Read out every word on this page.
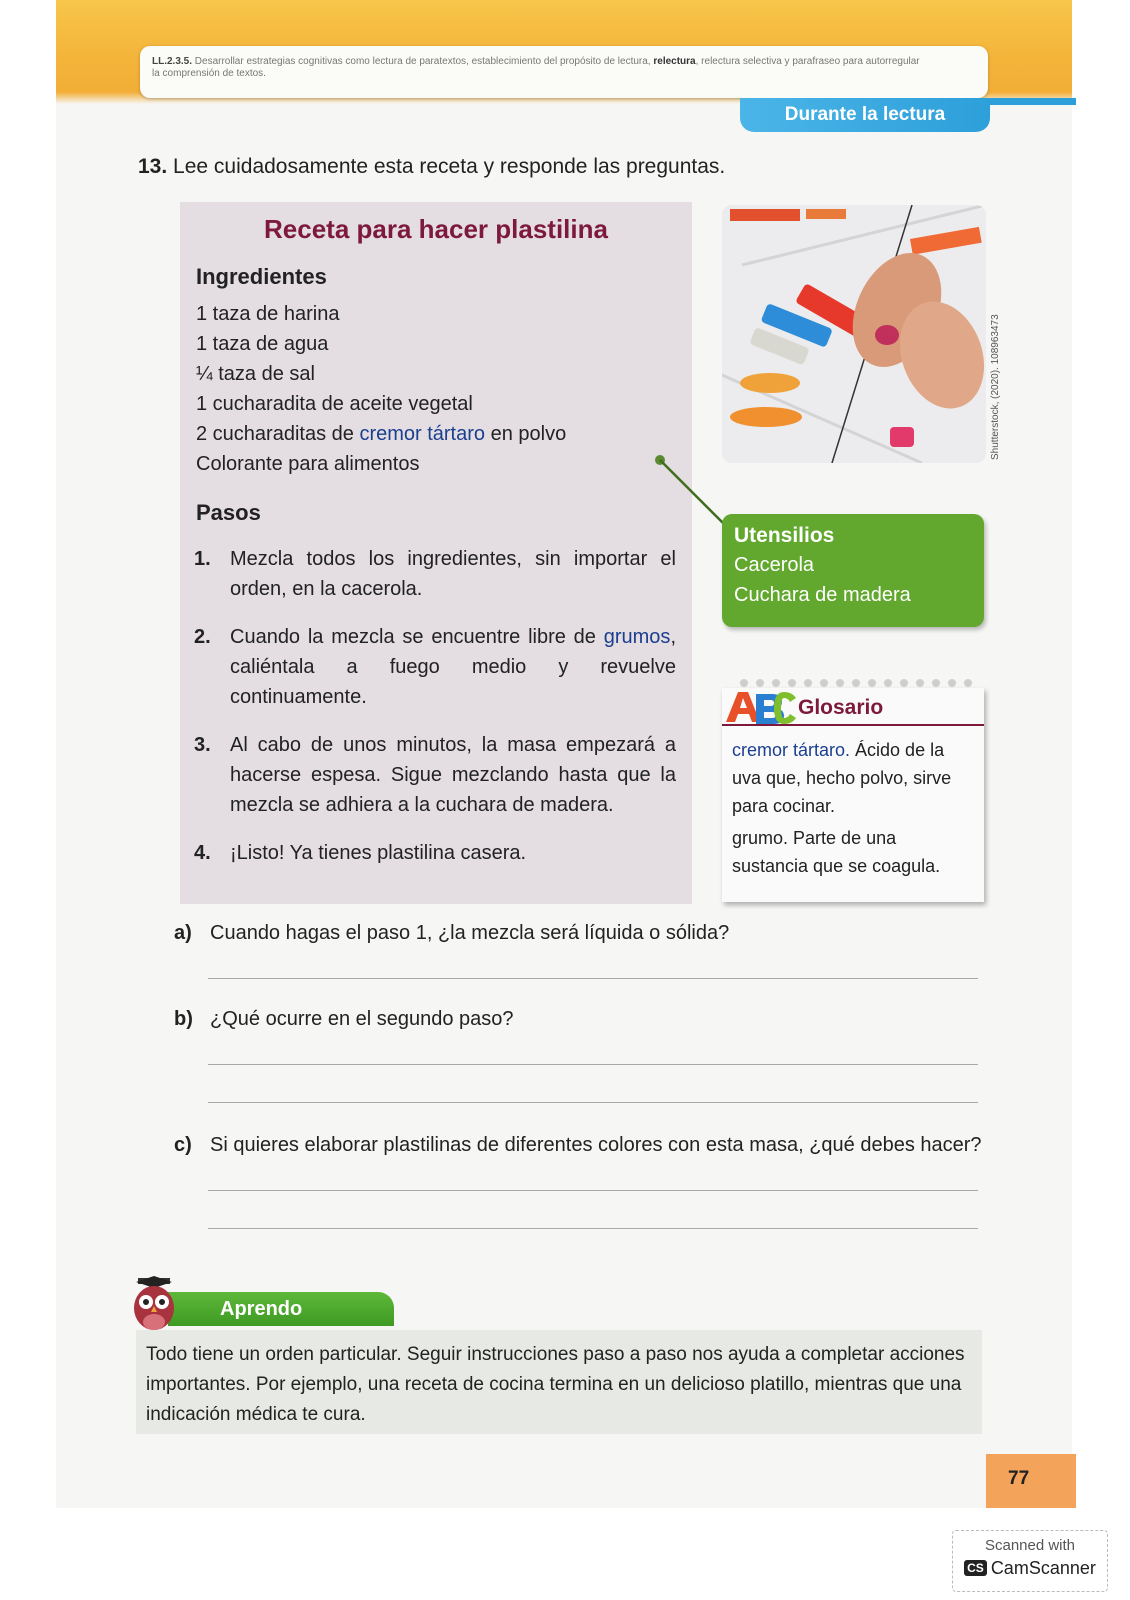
LL.2.3.5. Desarrollar estrategias cognitivas como lectura de paratextos, establecimiento del propósito de lectura, relectura, relectura selectiva y parafraseo para autorregular
la comprensión de textos.
Durante la lectura
13. Lee cuidadosamente esta receta y responde las preguntas.
Receta para hacer plastilina
Ingredientes
1 taza de harina
1 taza de agua
¼ taza de sal
1 cucharadita de aceite vegetal
2 cucharaditas de cremor tártaro en polvo
Colorante para alimentos
Pasos
1. Mezcla todos los ingredientes, sin importar el orden, en la cacerola.
2. Cuando la mezcla se encuentre libre de grumos, caliéntala a fuego medio y revuelve continuamente.
3. Al cabo de unos minutos, la masa empezará a hacerse espesa. Sigue mezclando hasta que la mezcla se adhiera a la cuchara de madera.
4. ¡Listo! Ya tienes plastilina casera.
Shutterstock, (2020). 108963473
Utensilios
Cacerola
Cuchara de madera
Glosario

cremor tártaro. Ácido de la uva que, hecho polvo, sirve para cocinar.

grumo. Parte de una sustancia que se coagula.

a) Cuando hagas el paso 1, ¿la mezcla será líquida o sólida?
b) ¿Qué ocurre en el segundo paso?
c) Si quieres elaborar plastilinas de diferentes colores con esta masa, ¿qué debes hacer?
Aprendo
Todo tiene un orden particular. Seguir instrucciones paso a paso nos ayuda a completar acciones importantes. Por ejemplo, una receta de cocina termina en un delicioso platillo, mientras que una indicación médica te cura.
77
Scanned with
CS CamScanner
